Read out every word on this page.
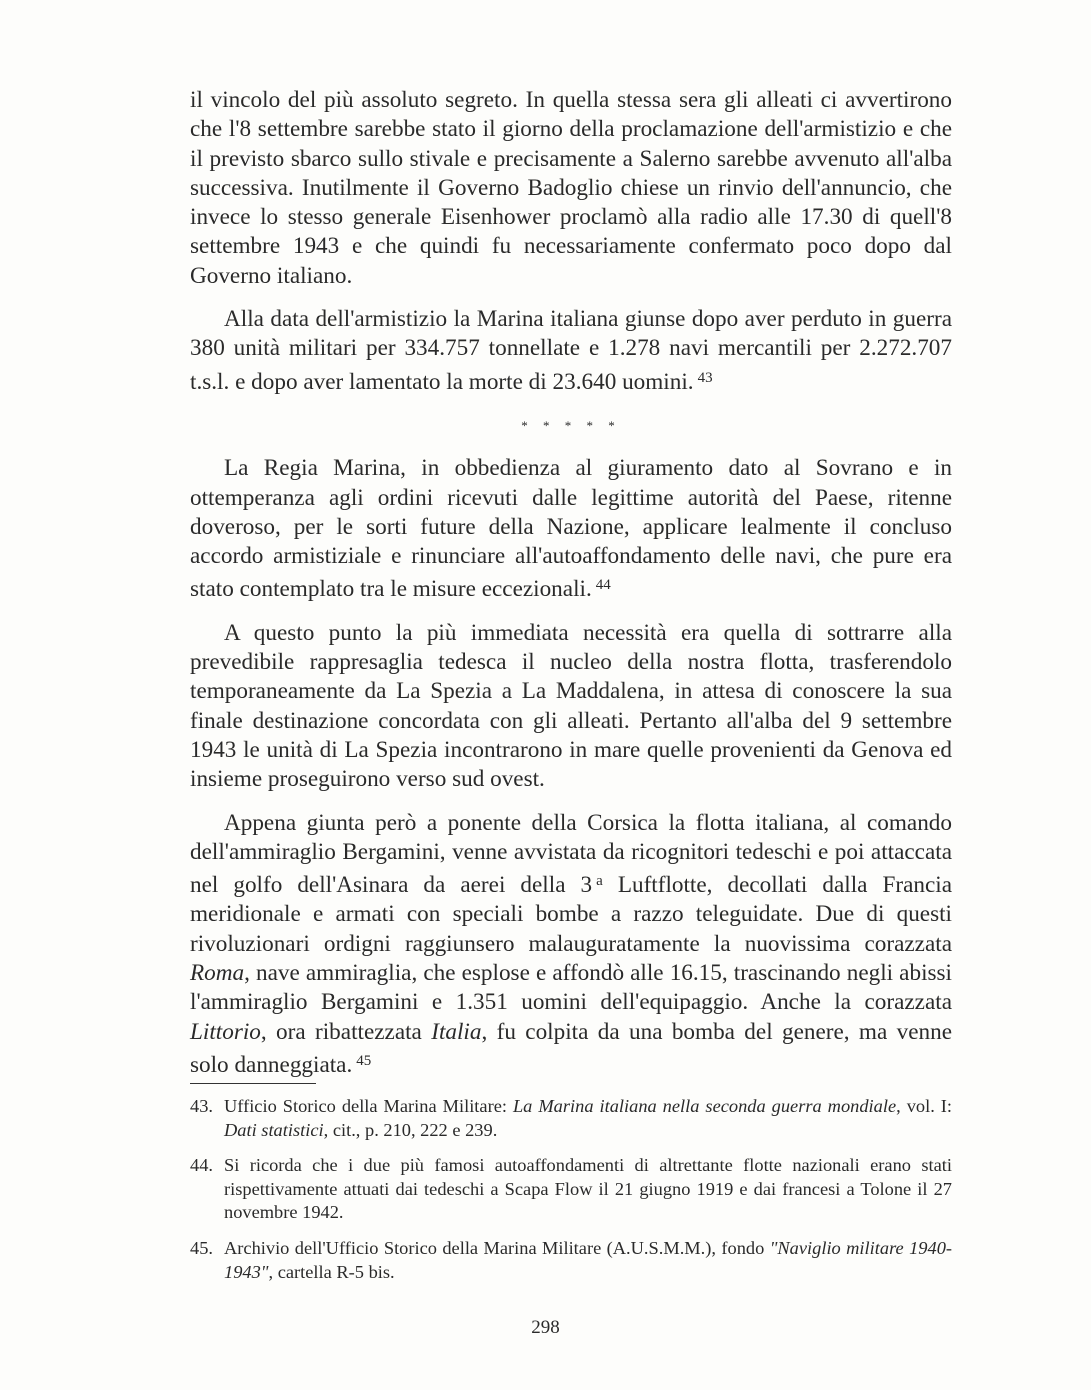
il vincolo del più assoluto segreto. In quella stessa sera gli alleati ci avvertirono che l'8 settembre sarebbe stato il giorno della proclamazione dell'armistizio e che il previsto sbarco sullo stivale e precisamente a Salerno sarebbe avvenuto all'alba successiva. Inutilmente il Governo Badoglio chiese un rinvio dell'annuncio, che invece lo stesso generale Eisenhower proclamò alla radio alle 17.30 di quell'8 settembre 1943 e che quindi fu necessariamente confermato poco dopo dal Governo italiano.

Alla data dell'armistizio la Marina italiana giunse dopo aver perduto in guerra 380 unità militari per 334.757 tonnellate e 1.278 navi mercantili per 2.272.707 t.s.l. e dopo aver lamentato la morte di 23.640 uomini. $^{43}$

* * * * *

La Regia Marina, in obbedienza al giuramento dato al Sovrano e in ottemperanza agli ordini ricevuti dalle legittime autorità del Paese, ritenne doveroso, per le sorti future della Nazione, applicare lealmente il concluso accordo armistiziale e rinunciare all'autoaffondamento delle navi, che pure era stato contemplato tra le misure eccezionali. $^{44}$

A questo punto la più immediata necessità era quella di sottrarre alla prevedibile rappresaglia tedesca il nucleo della nostra flotta, trasferendolo temporaneamente da La Spezia a La Maddalena, in attesa di conoscere la sua finale destinazione concordata con gli alleati. Pertanto all'alba del 9 settembre 1943 le unità di La Spezia incontrarono in mare quelle provenienti da Genova ed insieme proseguirono verso sud ovest.

Appena giunta però a ponente della Corsica la flotta italiana, al comando dell'ammiraglio Bergamini, venne avvistata da ricognitori tedeschi e poi attaccata nel golfo dell'Asinara da aerei della 3 $^a$ Luftflotte, decollati dalla Francia meridionale e armati con speciali bombe a razzo teleguidate. Due di questi rivoluzionari ordigni raggiunsero malauguratamente la nuovissima corazzata Roma, nave ammiraglia, che esplose e affondò alle 16.15, trascinando negli abissi l'ammiraglio Bergamini e 1.351 uomini dell'equipaggio. Anche la corazzata Littorio, ora ribattezzata Italia, fu colpita da una bomba del genere, ma venne solo danneggiata. $^{45}$

43. Ufficio Storico della Marina Militare: La Marina italiana nella seconda guerra mondiale, vol. I: Dati statistici, cit., p. 210, 222 e 239.
44. Si ricorda che i due più famosi autoaffondamenti di altrettante flotte nazionali erano stati rispettivamente attuati dai tedeschi a Scapa Flow il 21 giugno 1919 e dai francesi a Tolone il 27 novembre 1942.
45. Archivio dell'Ufficio Storico della Marina Militare (A.U.S.M.M.), fondo "Naviglio militare 1940-1943", cartella R-5 bis.
298
